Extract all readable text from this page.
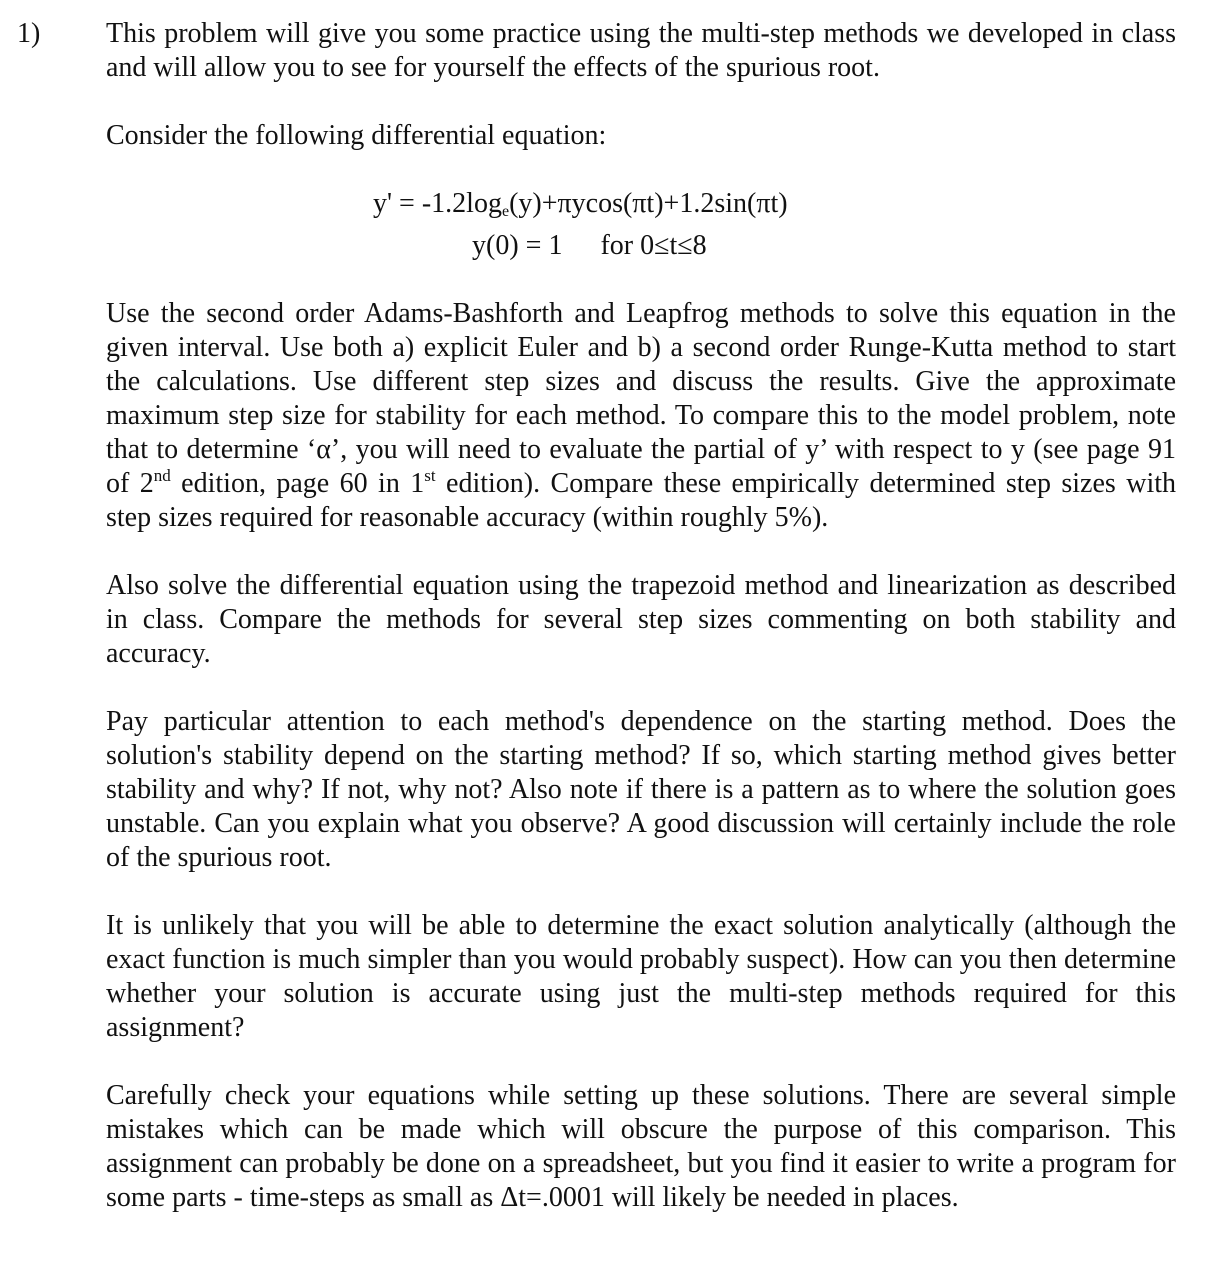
1) This problem will give you some practice using the multi-step methods we developed in class and will allow you to see for yourself the effects of the spurious root.

Consider the following differential equation:

y' = -1.2loge(y)+πycos(πt)+1.2sin(πt)
y(0) = 1 for 0≤t≤8

Use the second order Adams-Bashforth and Leapfrog methods to solve this equation in the given interval. Use both a) explicit Euler and b) a second order Runge-Kutta method to start the calculations. Use different step sizes and discuss the results. Give the approximate maximum step size for stability for each method. To compare this to the model problem, note that to determine ‘α’, you will need to evaluate the partial of y’ with respect to y (see page 91 of 2nd edition, page 60 in 1st edition). Compare these empirically determined step sizes with step sizes required for reasonable accuracy (within roughly 5%).

Also solve the differential equation using the trapezoid method and linearization as described in class. Compare the methods for several step sizes commenting on both stability and accuracy.

Pay particular attention to each method's dependence on the starting method. Does the solution's stability depend on the starting method? If so, which starting method gives better stability and why? If not, why not? Also note if there is a pattern as to where the solution goes unstable. Can you explain what you observe? A good discussion will certainly include the role of the spurious root.

It is unlikely that you will be able to determine the exact solution analytically (although the exact function is much simpler than you would probably suspect). How can you then determine whether your solution is accurate using just the multi-step methods required for this assignment?

Carefully check your equations while setting up these solutions. There are several simple mistakes which can be made which will obscure the purpose of this comparison. This assignment can probably be done on a spreadsheet, but you find it easier to write a program for some parts - time-steps as small as Δt=.0001 will likely be needed in places.
